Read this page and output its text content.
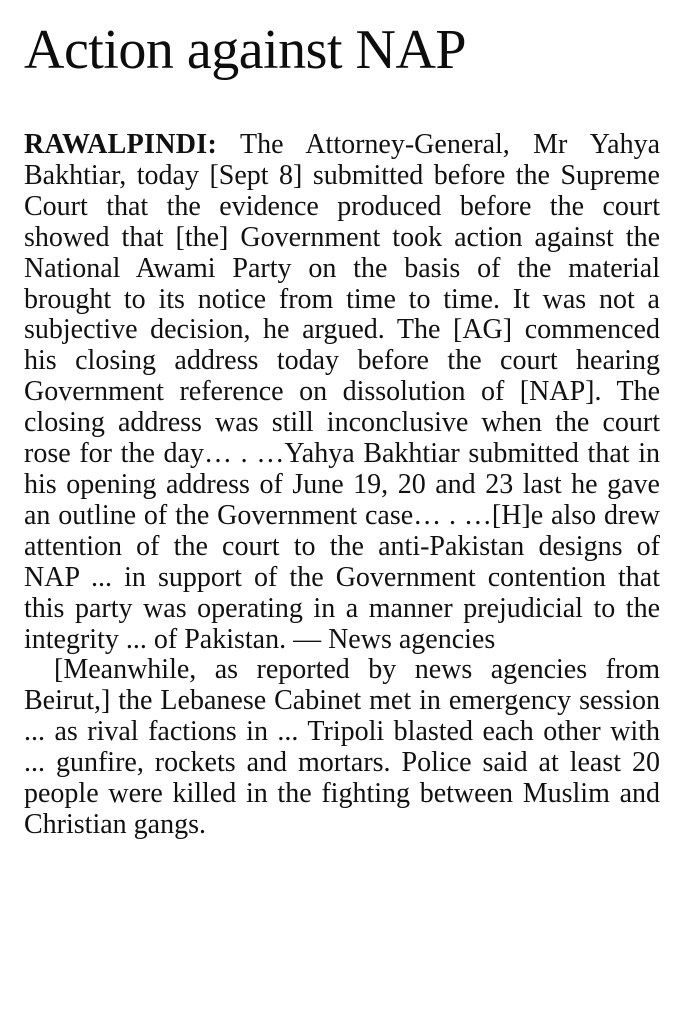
Action against NAP

RAWALPINDI: The Attorney-General, Mr Yahya Bakhtiar, today [Sept 8] submitted before the Supreme Court that the evidence produced before the court showed that [the] Government took action against the National Awami Party on the basis of the material brought to its notice from time to time. It was not a subjective decision, he argued. The [AG] commenced his closing address today before the court hearing Government reference on dissolution of [NAP]. The closing address was still inconclusive when the court rose for the day… . …Yahya Bakhtiar submitted that in his opening address of June 19, 20 and 23 last he gave an outline of the Government case… . …[H]e also drew attention of the court to the anti-Pakistan designs of NAP ... in support of the Government contention that this party was operating in a manner prejudicial to the integrity ... of Pakistan. — News agencies

[Meanwhile, as reported by news agencies from Beirut,] the Lebanese Cabinet met in emergency session ... as rival factions in ... Tripoli blasted each other with ... gunfire, rockets and mortars. Police said at least 20 people were killed in the fighting between Muslim and Christian gangs.
